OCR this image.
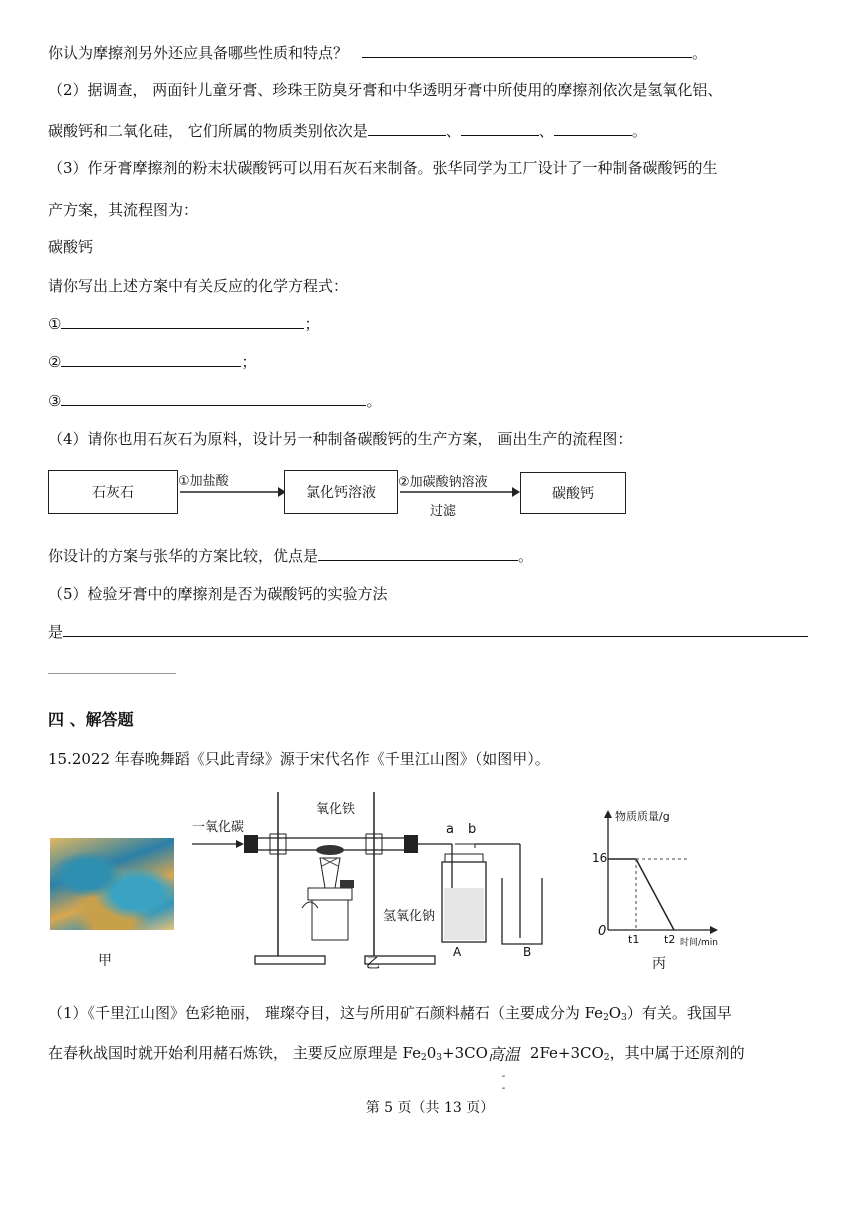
你认为摩擦剂另外还应具备哪些性质和特点？	。
（2）据调查， 两面针儿童牙膏、珍珠王防臭牙膏和中华透明牙膏中所使用的摩擦剂依次是氢氧化铝、
碳酸钙和二氧化硅， 它们所属的物质类别依次是	、	、	。
（3）作牙膏摩擦剂的粉末状碳酸钙可以用石灰石来制备。张华同学为工厂设计了一种制备碳酸钙的生
产方案，其流程图为：
碳酸钙
请你写出上述方案中有关反应的化学方程式：
①	；
②	；
③	。
（4）请你也用石灰石为原料，设计另一种制备碳酸钙的生产方案， 画出生产的流程图：
石灰石
①加盐酸
氯化钙溶液
②加碳酸钠溶液
过滤
碳酸钙
你设计的方案与张华的方案比较，优点是	。
（5）检验牙膏中的摩擦剂是否为碳酸钙的实验方法
是
四 、解答题
15.2022 年春晚舞蹈《只此青绿》源于宋代名作《千里江山图》（如图甲）。
甲
一氧化碳
氧化铁
氢氧化钠
a b
A	B
乙
物质质量/g
16
0
t1 t2 时间/min
丙
（1）《千里江山图》色彩艳丽， 璀璨夺目，这与所用矿石颜料赭石（主要成分为 $Fe_2O_3$）有关。我国早
在春秋战国时就开始利用赭石炼铁， 主要反应原理是 $Fe_20_3+3CO$ 高温
-
-
$2Fe+3CO_2$，其中属于还原剂的
第 5 页（共 13 页）
